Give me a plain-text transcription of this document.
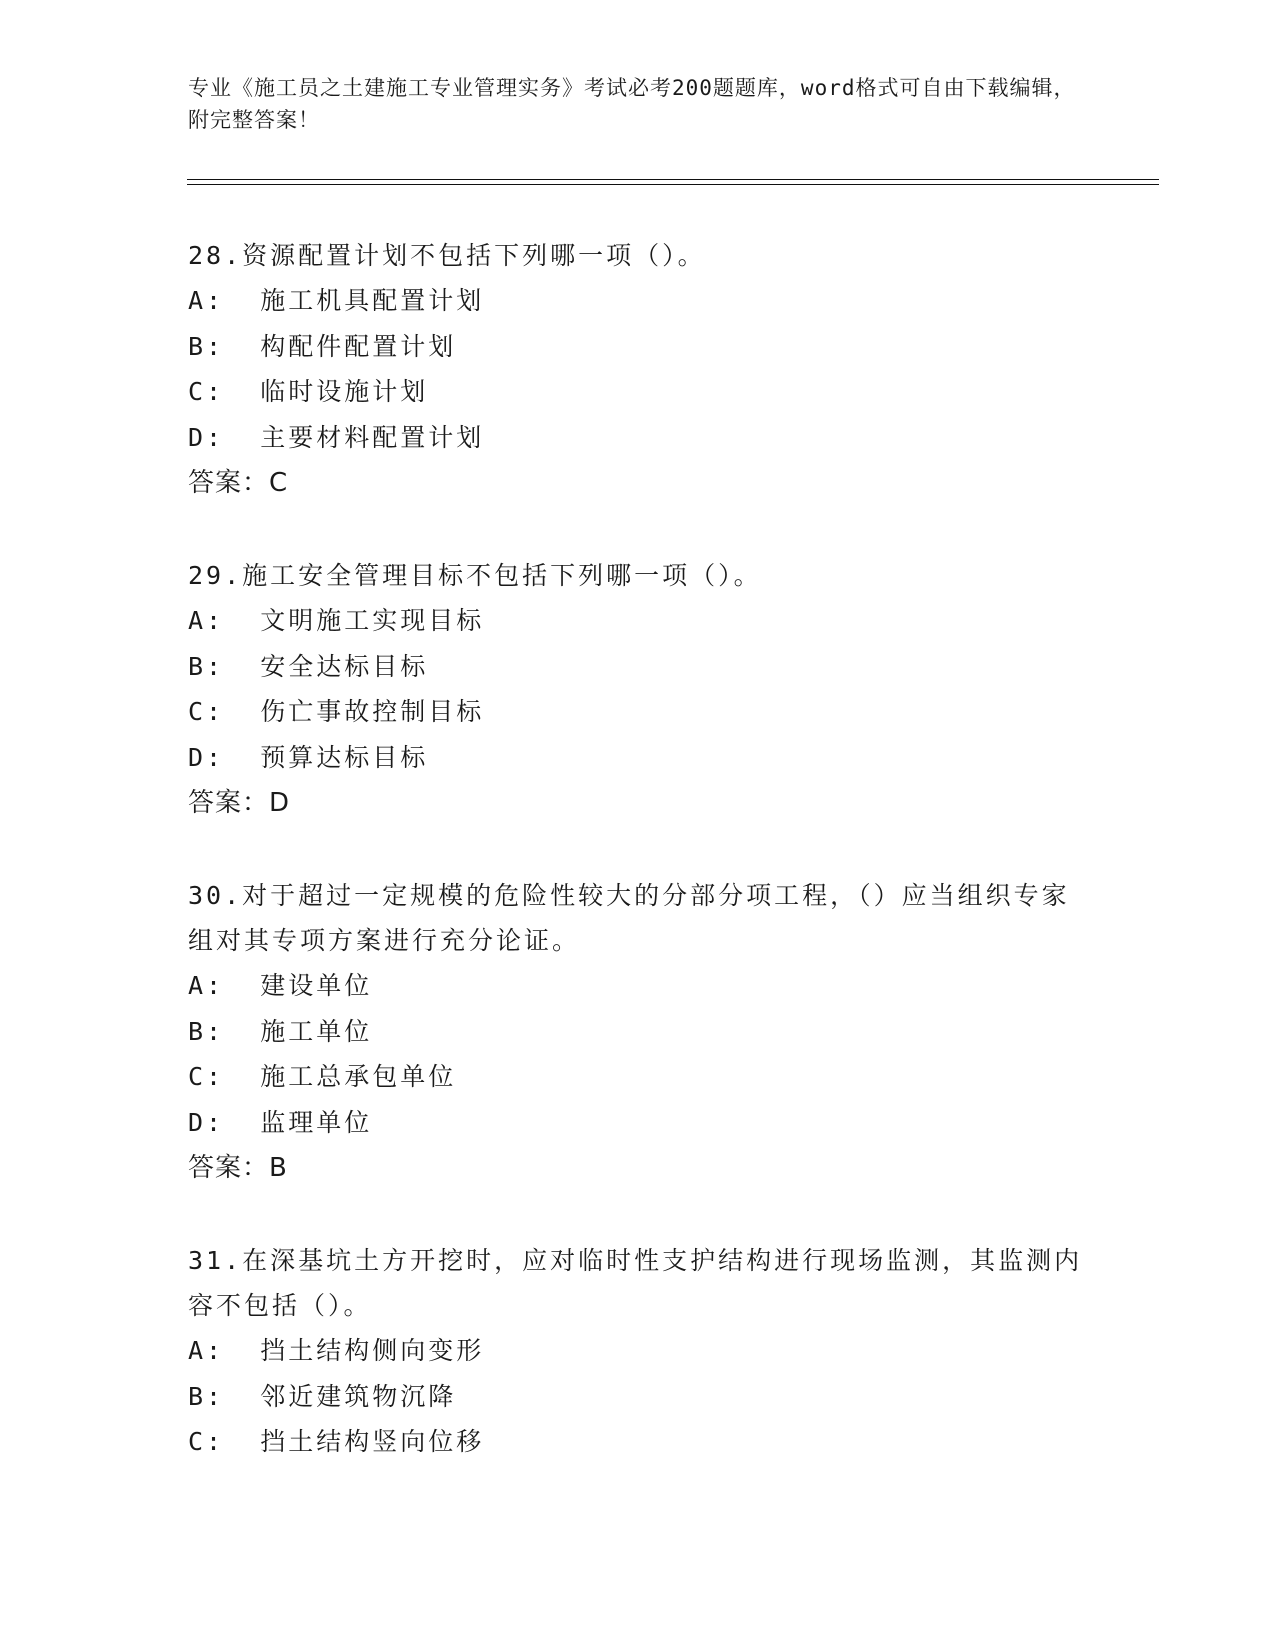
专业《施工员之土建施工专业管理实务》考试必考200题题库，word格式可自由下载编辑，附完整答案！

28.资源配置计划不包括下列哪一项（）。

A:  施工机具配置计划

B:  构配件配置计划

C:  临时设施计划

D:  主要材料配置计划

答案：C

29.施工安全管理目标不包括下列哪一项（）。

A:  文明施工实现目标

B:  安全达标目标

C:  伤亡事故控制目标

D:  预算达标目标

答案：D

30.对于超过一定规模的危险性较大的分部分项工程，（）应当组织专家组对其专项方案进行充分论证。

A:  建设单位

B:  施工单位

C:  施工总承包单位

D:  监理单位

答案：B

31.在深基坑土方开挖时，应对临时性支护结构进行现场监测，其监测内容不包括（）。

A:  挡土结构侧向变形

B:  邻近建筑物沉降

C:  挡土结构竖向位移
